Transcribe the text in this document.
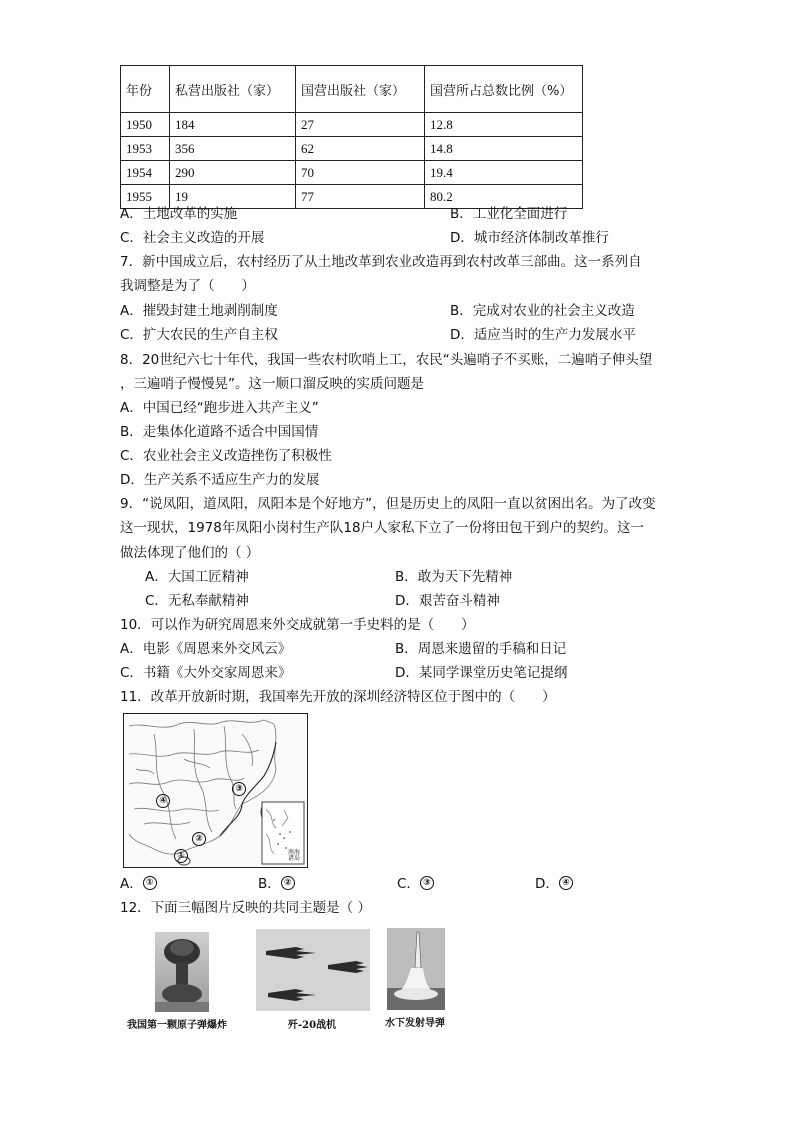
年份	私营出版社（家）	国营出版社（家）	国营所占总数比例（%）
1950	184	27	12.8
1953	356	62	14.8
1954	290	70	19.4
1955	19	77	80.2
A．土地改革的实施	B．工业化全面进行
C．社会主义改造的开展	D．城市经济体制改革推行
7．新中国成立后，农村经历了从土地改革到农业改造再到农村改革三部曲。这一系列自
我调整是为了（　　）
A．摧毁封建土地剥削制度	B．完成对农业的社会主义改造
C．扩大农民的生产自主权	D．适应当时的生产力发展水平
8．20世纪六七十年代，我国一些农村吹哨上工，农民“头遍哨子不买账，二遍哨子伸头望
，三遍哨子慢慢晃”。这一顺口溜反映的实质问题是
A．中国已经“跑步进入共产主义”
B．走集体化道路不适合中国国情
C．农业社会主义改造挫伤了积极性
D．生产关系不适应生产力的发展
9．“说凤阳，道凤阳，凤阳本是个好地方”，但是历史上的凤阳一直以贫困出名。为了改变
这一现状，1978年凤阳小岗村生产队18户人家私下立了一份将田包干到户的契约。这一
做法体现了他们的（ ）
A．大国工匠精神	B．敢为天下先精神
C．无私奉献精神	D．艰苦奋斗精神
10．可以作为研究周恩来外交成就第一手史料的是（　　）
A．电影《周恩来外交风云》	B．周恩来遗留的手稿和日记
C．书籍《大外交家周恩来》	D．某同学课堂历史笔记提纲
11．改革开放新时期，我国率先开放的深圳经济特区位于图中的（　　）
③
④
②
①	南海诸岛
A． ①	B． ②	C． ③	D． ④
12．下面三幅图片反映的共同主题是（ ）
我国第一颗原子弹爆炸	歼-20战机	水下发射导弹
